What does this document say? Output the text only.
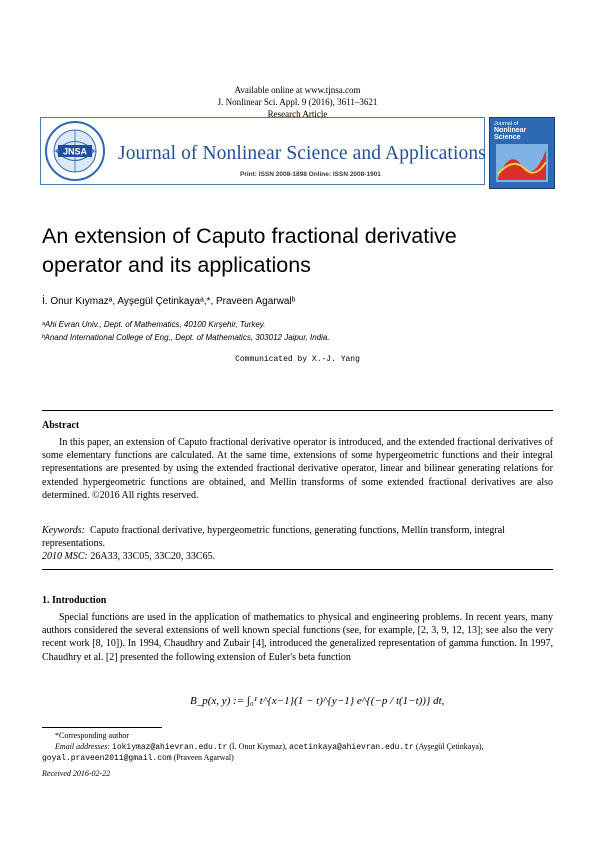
Available online at www.tjnsa.com
J. Nonlinear Sci. Appl. 9 (2016), 3611–3621
Research Article
JNSA Journal of Nonlinear Science and Applications
Print: ISSN 2008-1898 Online: ISSN 2008-1901
Journal of
Nonlinear Science
An extension of Caputo fractional derivative
operator and its applications
İ. Onur Kıymazᵃ, Ayşegül Çetinkayaᵃ,*, Praveen Agarwalᵇ
ᵃAhi Evran Univ., Dept. of Mathematics, 40100 Kırşehir, Turkey.
ᵇAnand International College of Eng., Dept. of Mathematics, 303012 Jaipur, India.
Communicated by X.-J. Yang
Abstract
In this paper, an extension of Caputo fractional derivative operator is introduced, and the extended fractional derivatives of some elementary functions are calculated. At the same time, extensions of some hypergeometric functions and their integral representations are presented by using the extended fractional derivative operator, linear and bilinear generating relations for extended hypergeometric functions are obtained, and Mellin transforms of some extended fractional derivatives are also determined. ©2016 All rights reserved.
Keywords: Caputo fractional derivative, hypergeometric functions, generating functions, Mellin transform, integral representations.
2010 MSC: 26A33, 33C05, 33C20, 33C65.
1. Introduction
Special functions are used in the application of mathematics to physical and engineering problems. In recent years, many authors considered the several extensions of well known special functions (see, for example, [2, 3, 9, 12, 13]; see also the very recent work [8, 10]). In 1994, Chaudhry and Zubair [4], introduced the generalized representation of gamma function. In 1997, Chaudhry et al. [2] presented the following extension of Euler's beta function
B_p(x, y) := ∫₀¹ t^{x−1}(1 − t)^{y−1} e^{(−p / t(1−t))} dt,
*Corresponding author
Email addresses: iokiymaz@ahievran.edu.tr (İ. Onur Kıymaz), acetinkaya@ahievran.edu.tr (Ayşegül Çetinkaya),
goyal.praveen2011@gmail.com (Praveen Agarwal)
Received 2016-02-22
